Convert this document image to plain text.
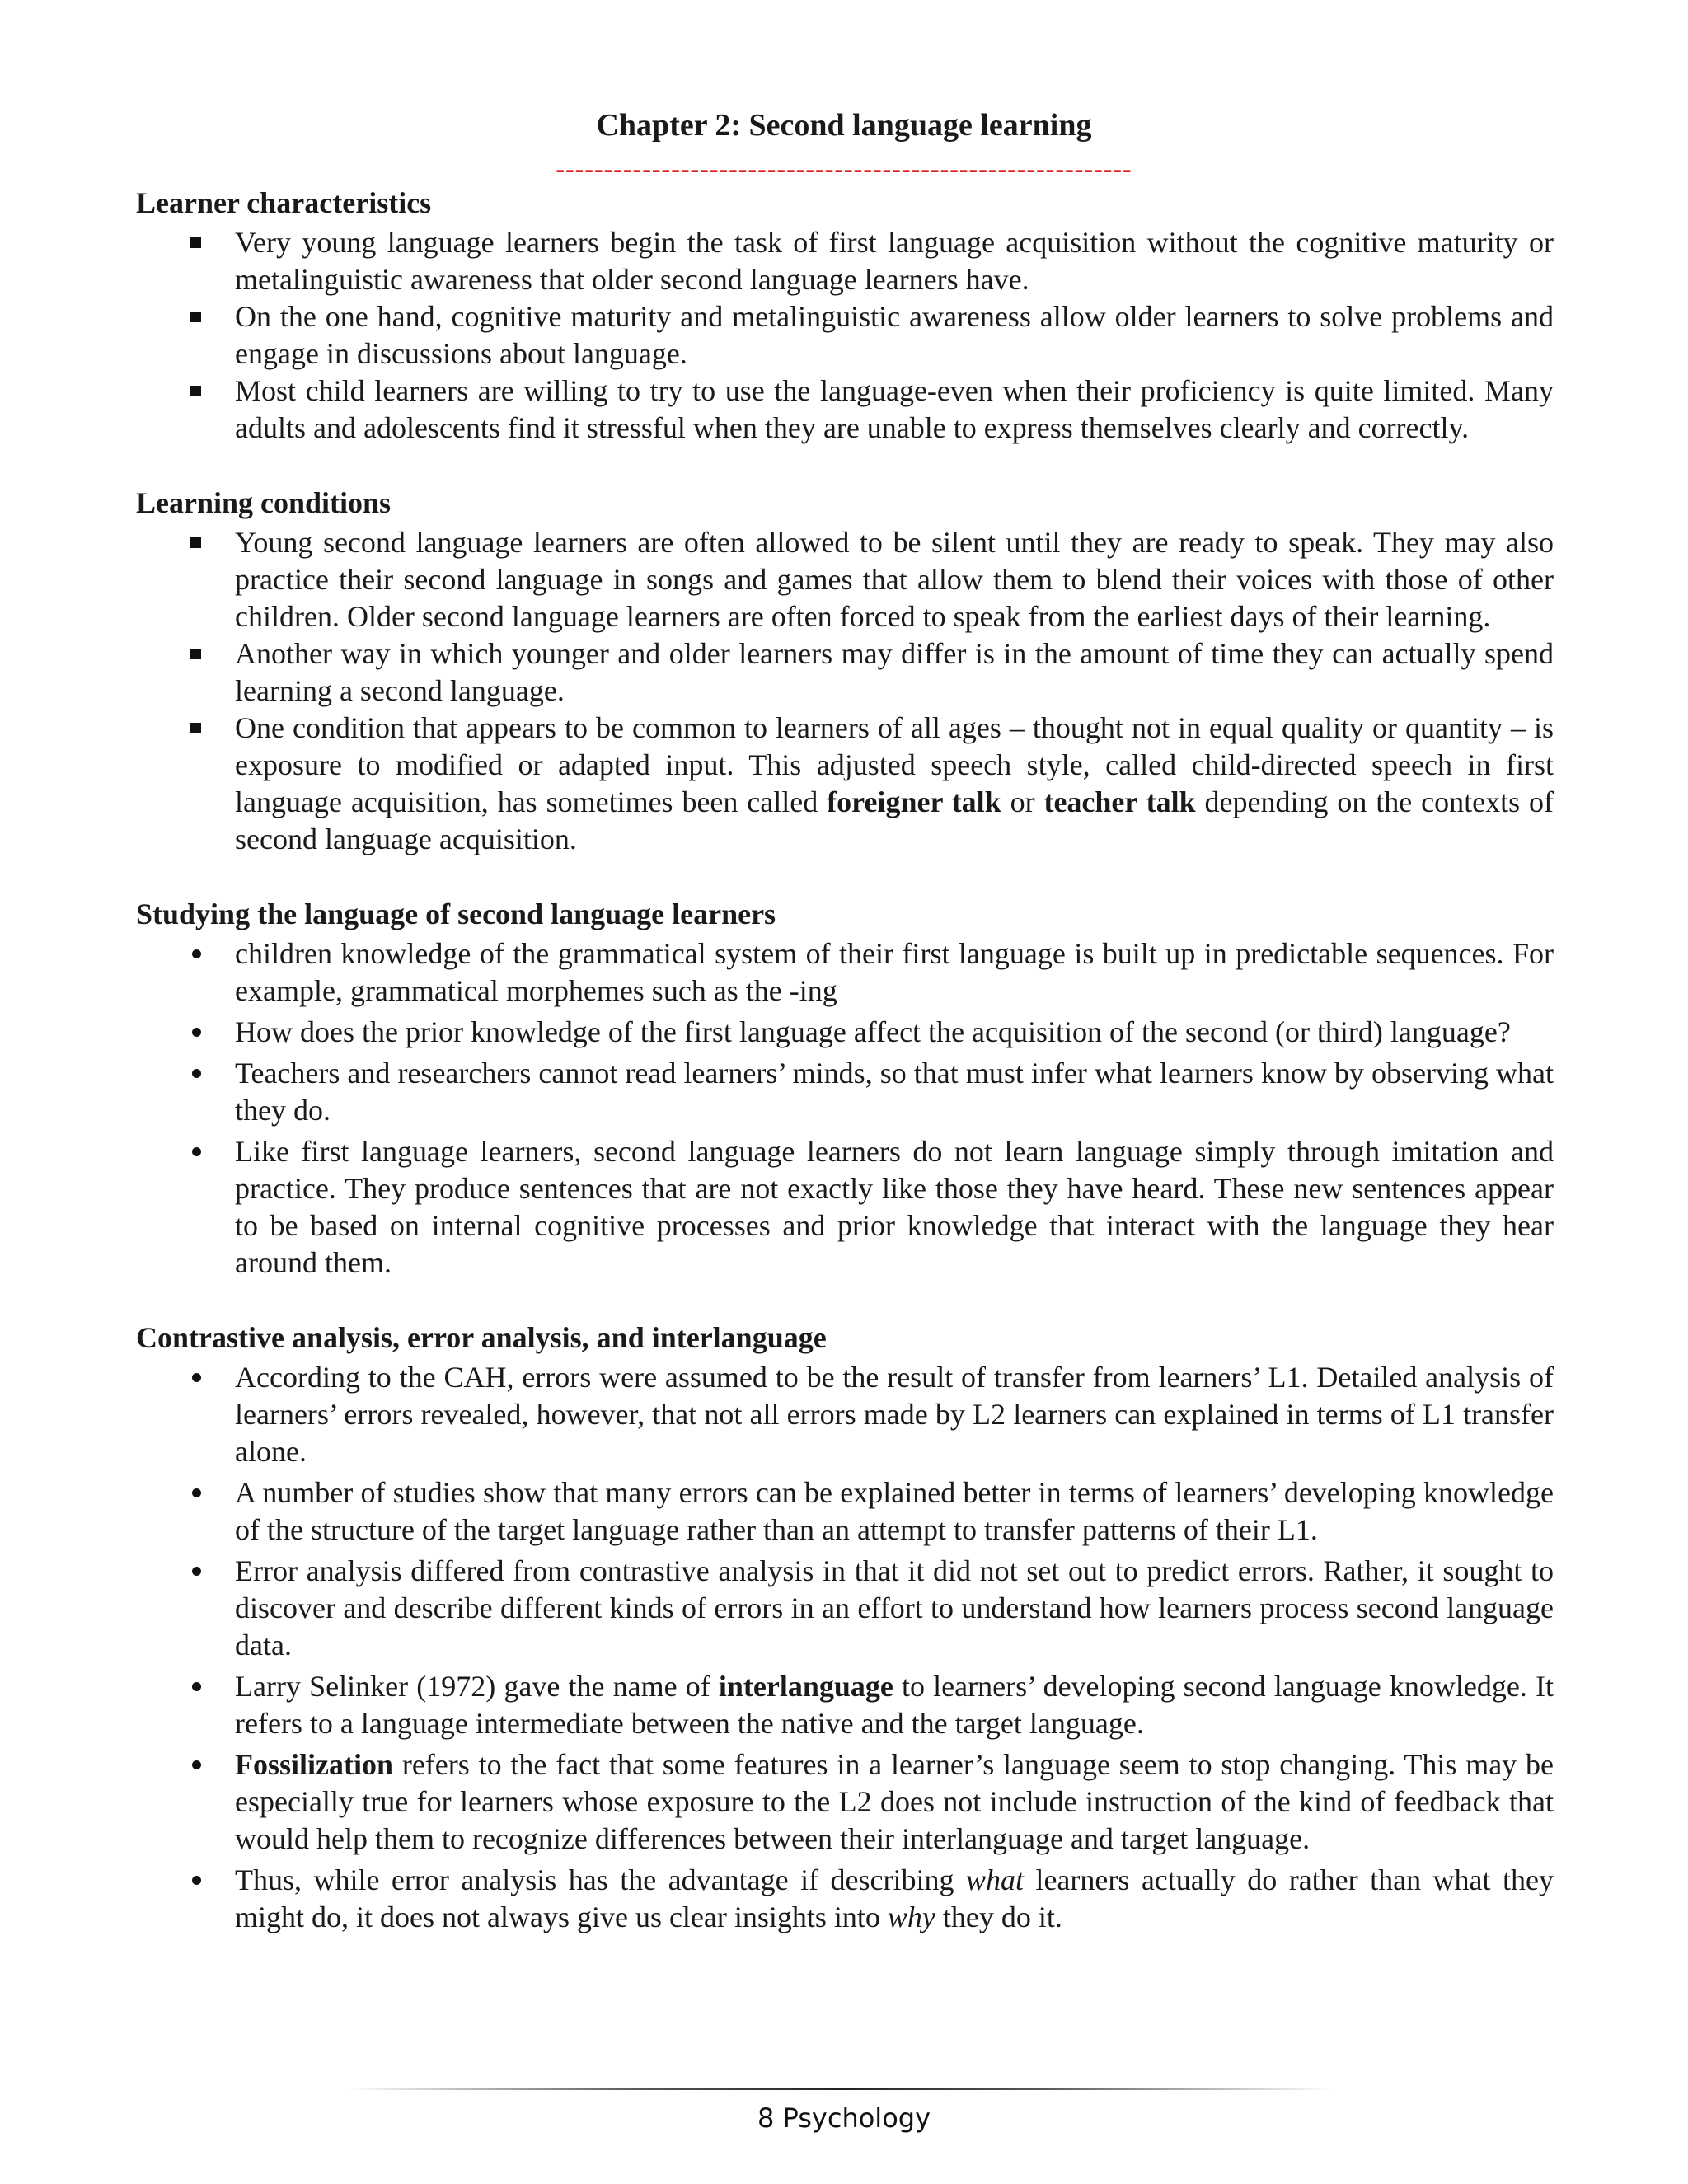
Chapter 2: Second language learning
------------------------------------------------------------
Learner characteristics
Very young language learners begin the task of first language acquisition without the cognitive maturity or metalinguistic awareness that older second language learners have.
On the one hand, cognitive maturity and metalinguistic awareness allow older learners to solve problems and engage in discussions about language.
Most child learners are willing to try to use the language-even when their proficiency is quite limited. Many adults and adolescents find it stressful when they are unable to express themselves clearly and correctly.
Learning conditions
Young second language learners are often allowed to be silent until they are ready to speak. They may also practice their second language in songs and games that allow them to blend their voices with those of other children. Older second language learners are often forced to speak from the earliest days of their learning.
Another way in which younger and older learners may differ is in the amount of time they can actually spend learning a second language.
One condition that appears to be common to learners of all ages – thought not in equal quality or quantity – is exposure to modified or adapted input. This adjusted speech style, called child-directed speech in first language acquisition, has sometimes been called foreigner talk or teacher talk depending on the contexts of second language acquisition.
Studying the language of second language learners
children knowledge of the grammatical system of their first language is built up in predictable sequences. For example, grammatical morphemes such as the -ing
How does the prior knowledge of the first language affect the acquisition of the second (or third) language?
Teachers and researchers cannot read learners’ minds, so that must infer what learners know by observing what they do.
Like first language learners, second language learners do not learn language simply through imitation and practice. They produce sentences that are not exactly like those they have heard. These new sentences appear to be based on internal cognitive processes and prior knowledge that interact with the language they hear around them.
Contrastive analysis, error analysis, and interlanguage
According to the CAH, errors were assumed to be the result of transfer from learners’ L1. Detailed analysis of learners’ errors revealed, however, that not all errors made by L2 learners can explained in terms of L1 transfer alone.
A number of studies show that many errors can be explained better in terms of learners’ developing knowledge of the structure of the target language rather than an attempt to transfer patterns of their L1.
Error analysis differed from contrastive analysis in that it did not set out to predict errors. Rather, it sought to discover and describe different kinds of errors in an effort to understand how learners process second language data.
Larry Selinker (1972) gave the name of interlanguage to learners’ developing second language knowledge. It refers to a language intermediate between the native and the target language.
Fossilization refers to the fact that some features in a learner’s language seem to stop changing. This may be especially true for learners whose exposure to the L2 does not include instruction of the kind of feedback that would help them to recognize differences between their interlanguage and target language.
Thus, while error analysis has the advantage if describing what learners actually do rather than what they might do, it does not always give us clear insights into why they do it.
8 Psychology
